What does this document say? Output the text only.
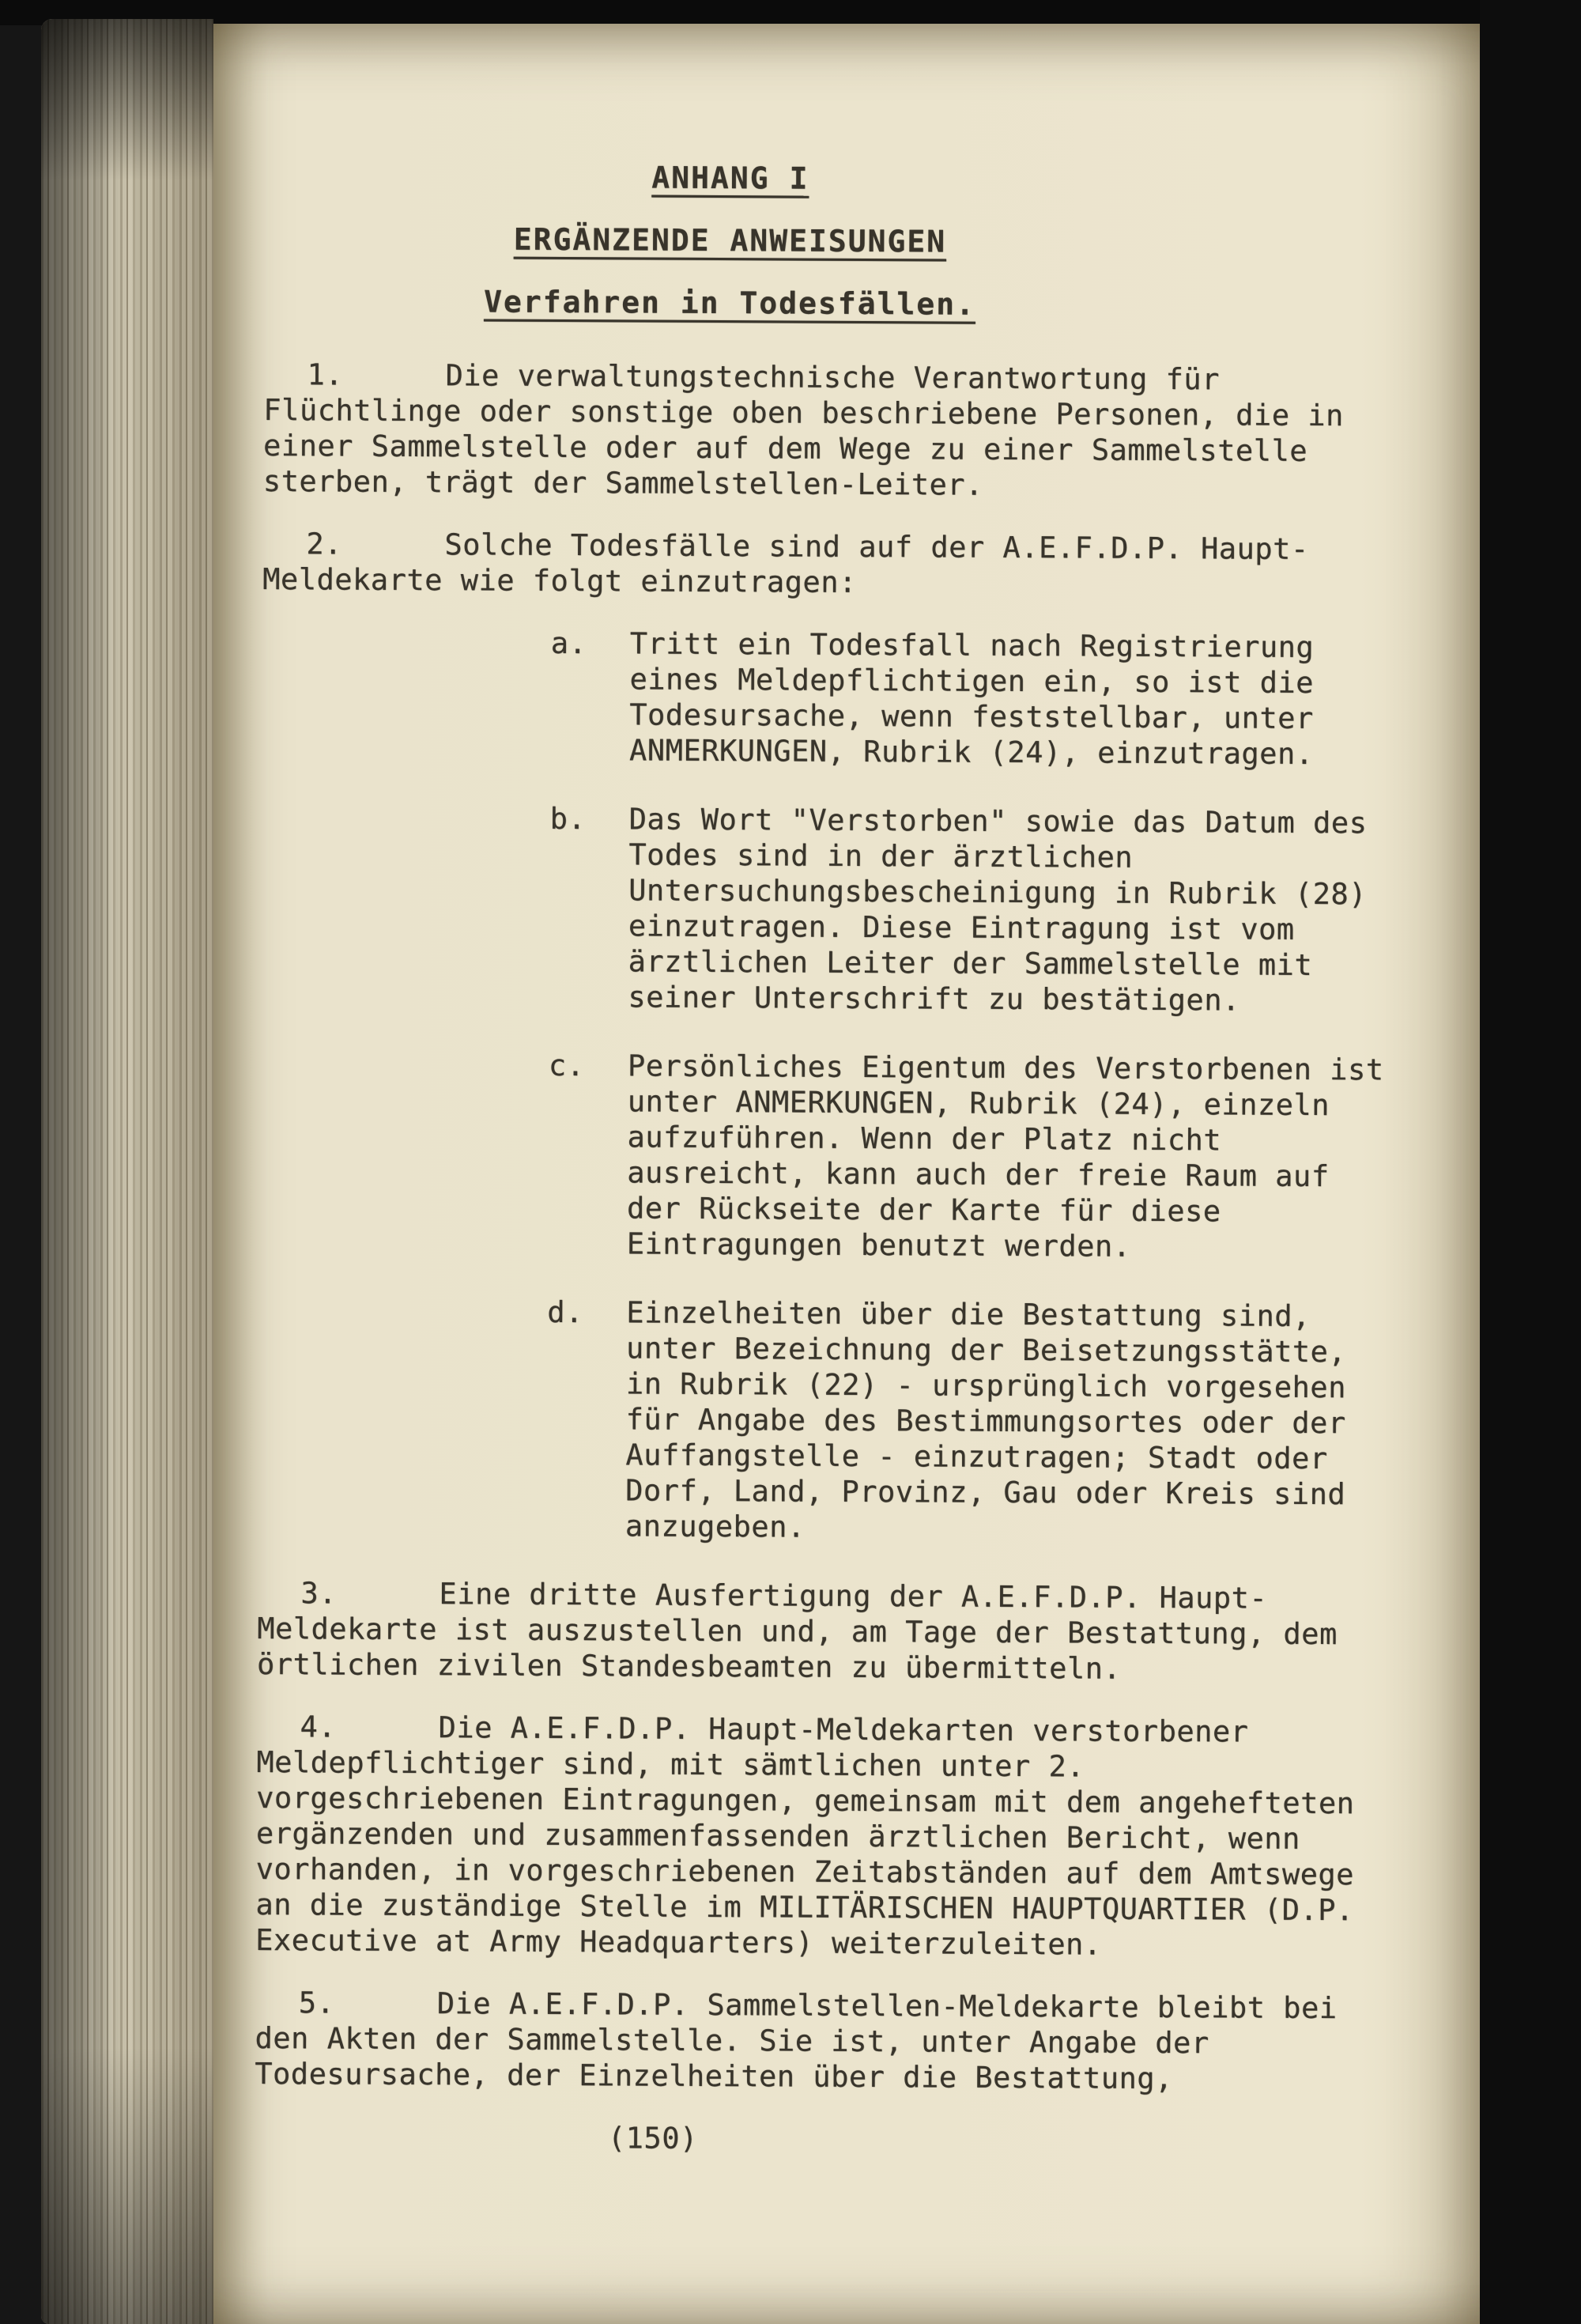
ANHANG I
ERGÄNZENDE ANWEISUNGEN
Verfahren in Todesfällen.

1.	Die verwaltungstechnische Verantwortung für Flüchtlinge oder sonstige oben beschriebene Personen, die in einer Sammelstelle oder auf dem Wege zu einer Sammelstelle sterben, trägt der Sammelstellen-Leiter.

2.	Solche Todesfälle sind auf der A.E.F.D.P. Haupt-Meldekarte wie folgt einzutragen:

a.	Tritt ein Todesfall nach Registrierung eines Meldepflichtigen ein, so ist die Todesursache, wenn feststellbar, unter ANMERKUNGEN, Rubrik (24), einzutragen.
b.	Das Wort "Verstorben" sowie das Datum des Todes sind in der ärztlichen Untersuchungsbescheinigung in Rubrik (28) einzutragen. Diese Eintragung ist vom ärztlichen Leiter der Sammelstelle mit seiner Unterschrift zu bestätigen.
c.	Persönliches Eigentum des Verstorbenen ist unter ANMERKUNGEN, Rubrik (24), einzeln aufzuführen. Wenn der Platz nicht ausreicht, kann auch der freie Raum auf der Rückseite der Karte für diese Eintragungen benutzt werden.
d.	Einzelheiten über die Bestattung sind, unter Bezeichnung der Beisetzungsstätte, in Rubrik (22) - ursprünglich vorgesehen für Angabe des Bestimmungsortes oder der Auffangstelle - einzutragen; Stadt oder Dorf, Land, Provinz, Gau oder Kreis sind anzugeben.

3.	Eine dritte Ausfertigung der A.E.F.D.P. Haupt-Meldekarte ist auszustellen und, am Tage der Bestattung, dem örtlichen zivilen Standesbeamten zu übermitteln.

4.	Die A.E.F.D.P. Haupt-Meldekarten verstorbener Meldepflichtiger sind, mit sämtlichen unter 2. vorgeschriebenen Eintragungen, gemeinsam mit dem angehefteten ergänzenden und zusammenfassenden ärztlichen Bericht, wenn vorhanden, in vorgeschriebenen Zeitabständen auf dem Amtswege an die zuständige Stelle im MILITÄRISCHEN HAUPTQUARTIER (D.P. Executive at Army Headquarters) weiterzuleiten.

5.	Die A.E.F.D.P. Sammelstellen-Meldekarte bleibt bei den Akten der Sammelstelle. Sie ist, unter Angabe der Todesursache, der Einzelheiten über die Bestattung,

(150)
